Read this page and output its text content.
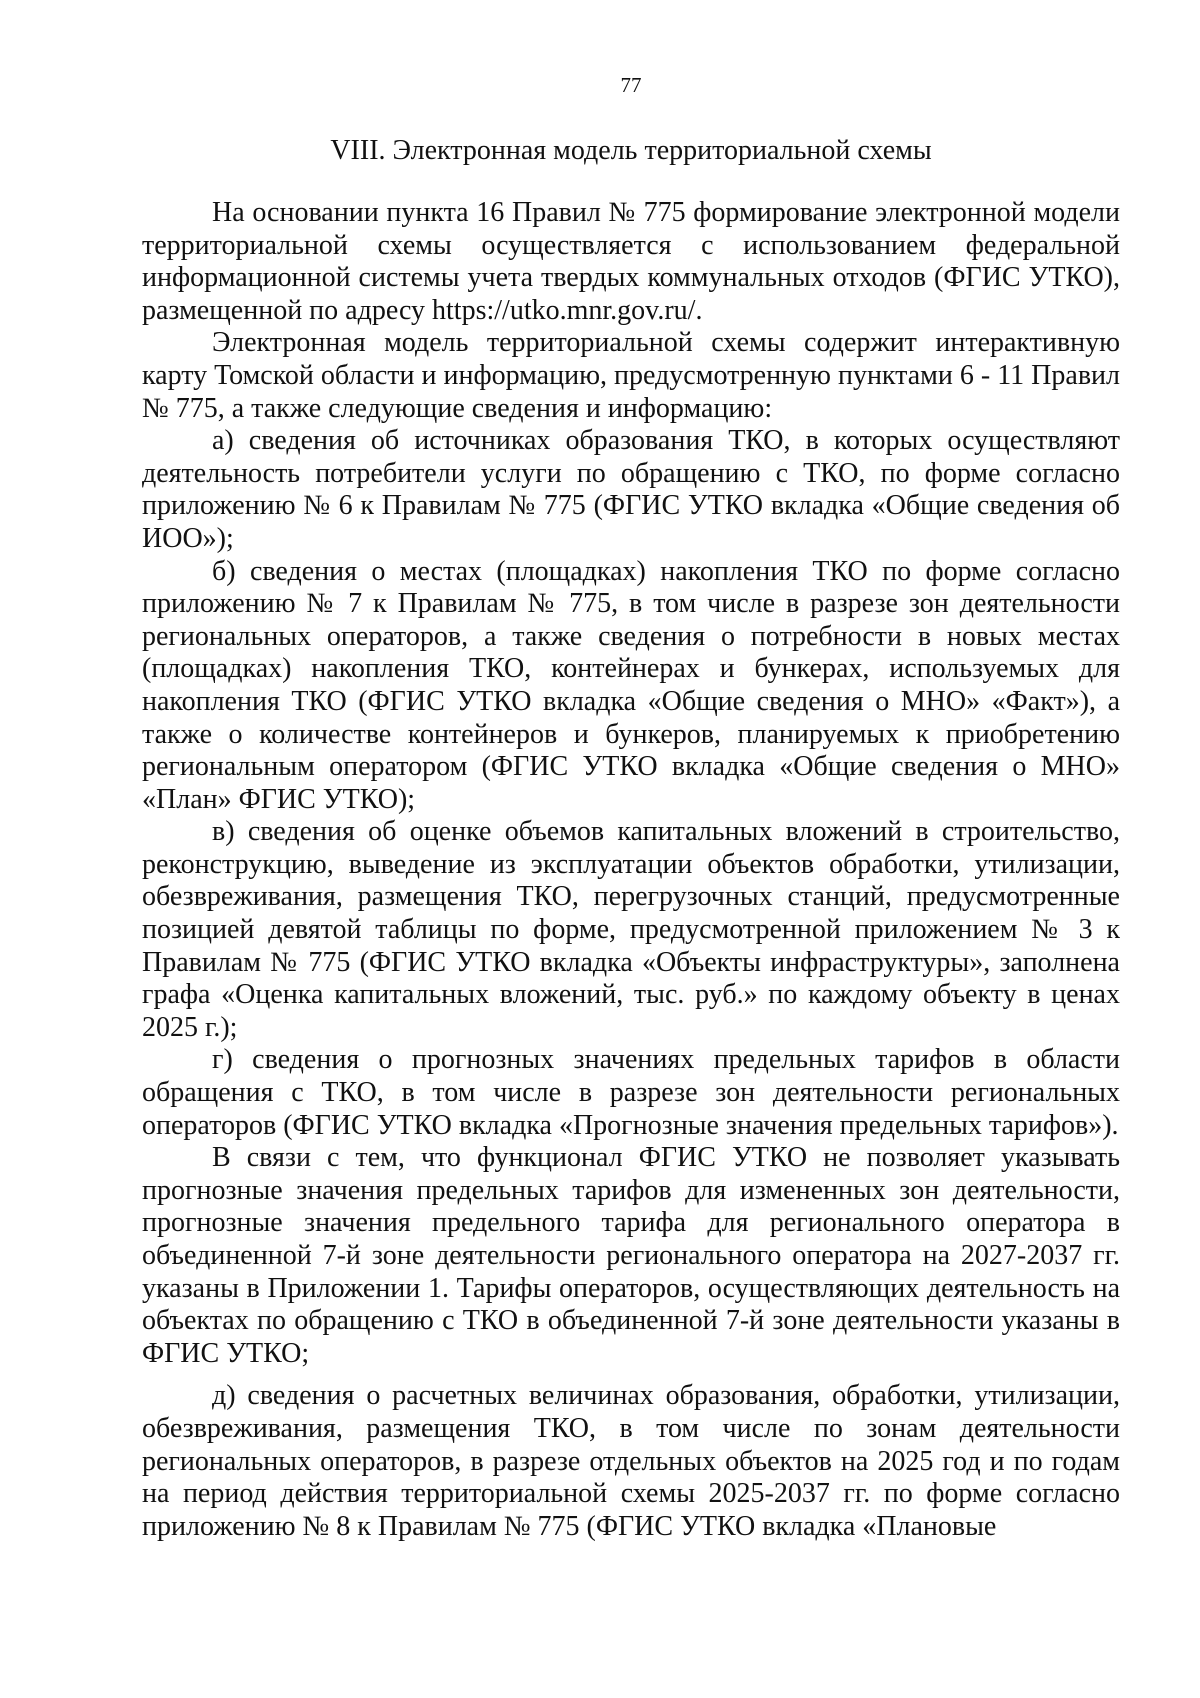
77

VIII. Электронная модель территориальной схемы

На основании пункта 16 Правил № 775 формирование электронной модели территориальной схемы осуществляется с использованием федеральной информационной системы учета твердых коммунальных отходов (ФГИС УТКО), размещенной по адресу https://utko.mnr.gov.ru/.

Электронная модель территориальной схемы содержит интерактивную карту Томской области и информацию, предусмотренную пунктами 6 - 11 Правил № 775, а также следующие сведения и информацию:

а) сведения об источниках образования ТКО, в которых осуществляют деятельность потребители услуги по обращению с ТКО, по форме согласно приложению № 6 к Правилам № 775 (ФГИС УТКО вкладка «Общие сведения об ИОО»);

б) сведения о местах (площадках) накопления ТКО по форме согласно приложению № 7 к Правилам № 775, в том числе в разрезе зон деятельности региональных операторов, а также сведения о потребности в новых местах (площадках) накопления ТКО, контейнерах и бункерах, используемых для накопления ТКО (ФГИС УТКО вкладка «Общие сведения о МНО» «Факт»), а также о количестве контейнеров и бункеров, планируемых к приобретению региональным оператором (ФГИС УТКО вкладка «Общие сведения о МНО» «План» ФГИС УТКО);

в) сведения об оценке объемов капитальных вложений в строительство, реконструкцию, выведение из эксплуатации объектов обработки, утилизации, обезвреживания, размещения ТКО, перегрузочных станций, предусмотренные позицией девятой таблицы по форме, предусмотренной приложением № 3 к Правилам № 775 (ФГИС УТКО вкладка «Объекты инфраструктуры», заполнена графа «Оценка капитальных вложений, тыс. руб.» по каждому объекту в ценах 2025 г.);

г) сведения о прогнозных значениях предельных тарифов в области обращения с ТКО, в том числе в разрезе зон деятельности региональных операторов (ФГИС УТКО вкладка «Прогнозные значения предельных тарифов»).

В связи с тем, что функционал ФГИС УТКО не позволяет указывать прогнозные значения предельных тарифов для измененных зон деятельности, прогнозные значения предельного тарифа для регионального оператора в объединенной 7-й зоне деятельности регионального оператора на 2027-2037 гг. указаны в Приложении 1. Тарифы операторов, осуществляющих деятельность на объектах по обращению с ТКО в объединенной 7-й зоне деятельности указаны в ФГИС УТКО;

д) сведения о расчетных величинах образования, обработки, утилизации, обезвреживания, размещения ТКО, в том числе по зонам деятельности региональных операторов, в разрезе отдельных объектов на 2025 год и по годам на период действия территориальной схемы 2025-2037 гг. по форме согласно приложению № 8 к Правилам № 775 (ФГИС УТКО вкладка «Плановые
